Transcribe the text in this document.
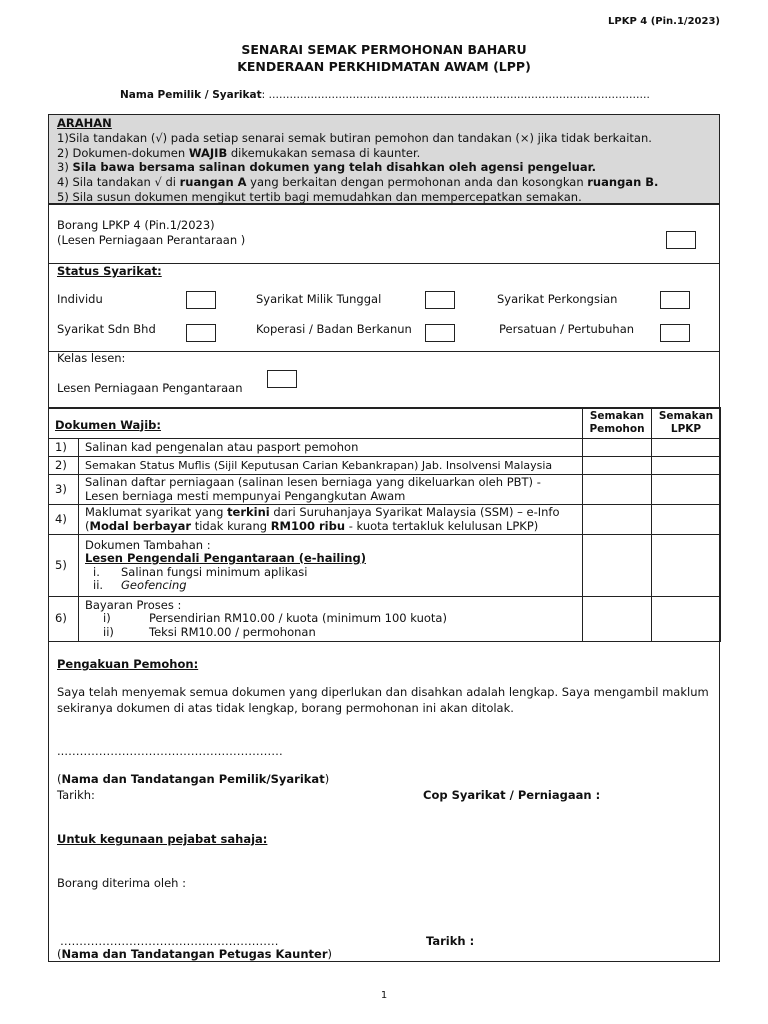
LPKP 4 (Pin.1/2023)
SENARAI SEMAK PERMOHONAN BAHARU
KENDERAAN PERKHIDMATAN AWAM (LPP)
Nama Pemilik / Syarikat: ……………………………………………………………………………………………….
ARAHAN
1)Sila tandakan (√) pada setiap senarai semak butiran pemohon dan tandakan (×) jika tidak berkaitan.
2) Dokumen-dokumen WAJIB dikemukakan semasa di kaunter.
3) Sila bawa bersama salinan dokumen yang telah disahkan oleh agensi pengeluar.
4) Sila tandakan √ di ruangan A yang berkaitan dengan permohonan anda dan kosongkan ruangan B.
5) Sila susun dokumen mengikut tertib bagi memudahkan dan mempercepatkan semakan.
Borang LPKP 4 (Pin.1/2023)
(Lesen Perniagaan Perantaraan )
Status Syarikat:
Individu	Syarikat Milik Tunggal	Syarikat Perkongsian
Syarikat Sdn Bhd	Koperasi / Badan Berkanun	Persatuan / Pertubuhan
Kelas lesen:
Lesen Perniagaan Pengantaraan
Dokumen Wajib:		Semakan Pemohon	Semakan LPKP
1)	Salinan kad pengenalan atau pasport pemohon		
2)	Semakan Status Muflis (Sijil Keputusan Carian Kebankrapan) Jab. Insolvensi Malaysia		
3)	Salinan daftar perniagaan (salinan lesen berniaga yang dikeluarkan oleh PBT) - Lesen berniaga mesti mempunyai Pengangkutan Awam		
4)	Maklumat syarikat yang terkini dari Suruhanjaya Syarikat Malaysia (SSM) – e-Info (Modal berbayar tidak kurang RM100 ribu - kuota tertakluk kelulusan LPKP)		
5)	Dokumen Tambahan :
Lesen Pengendali Pengantaraan (e-hailing)
i. Salinan fungsi minimum aplikasi
ii. Geofencing		

6)	Bayaran Proses :
i) Persendirian RM10.00 / kuota (minimum 100 kuota)
ii) Teksi RM10.00 / permohonan		

Pengakuan Pemohon:
Saya telah menyemak semua dokumen yang diperlukan dan disahkan adalah lengkap. Saya mengambil maklum sekiranya dokumen di atas tidak lengkap, borang permohonan ini akan ditolak.
..…………………………………………………
(Nama dan Tandatangan Pemilik/Syarikat)
Tarikh:	Cop Syarikat / Perniagaan :
Untuk kegunaan pejabat sahaja:
Borang diterima oleh :
…………………………………………………	Tarikh :
(Nama dan Tandatangan Petugas Kaunter)
1
